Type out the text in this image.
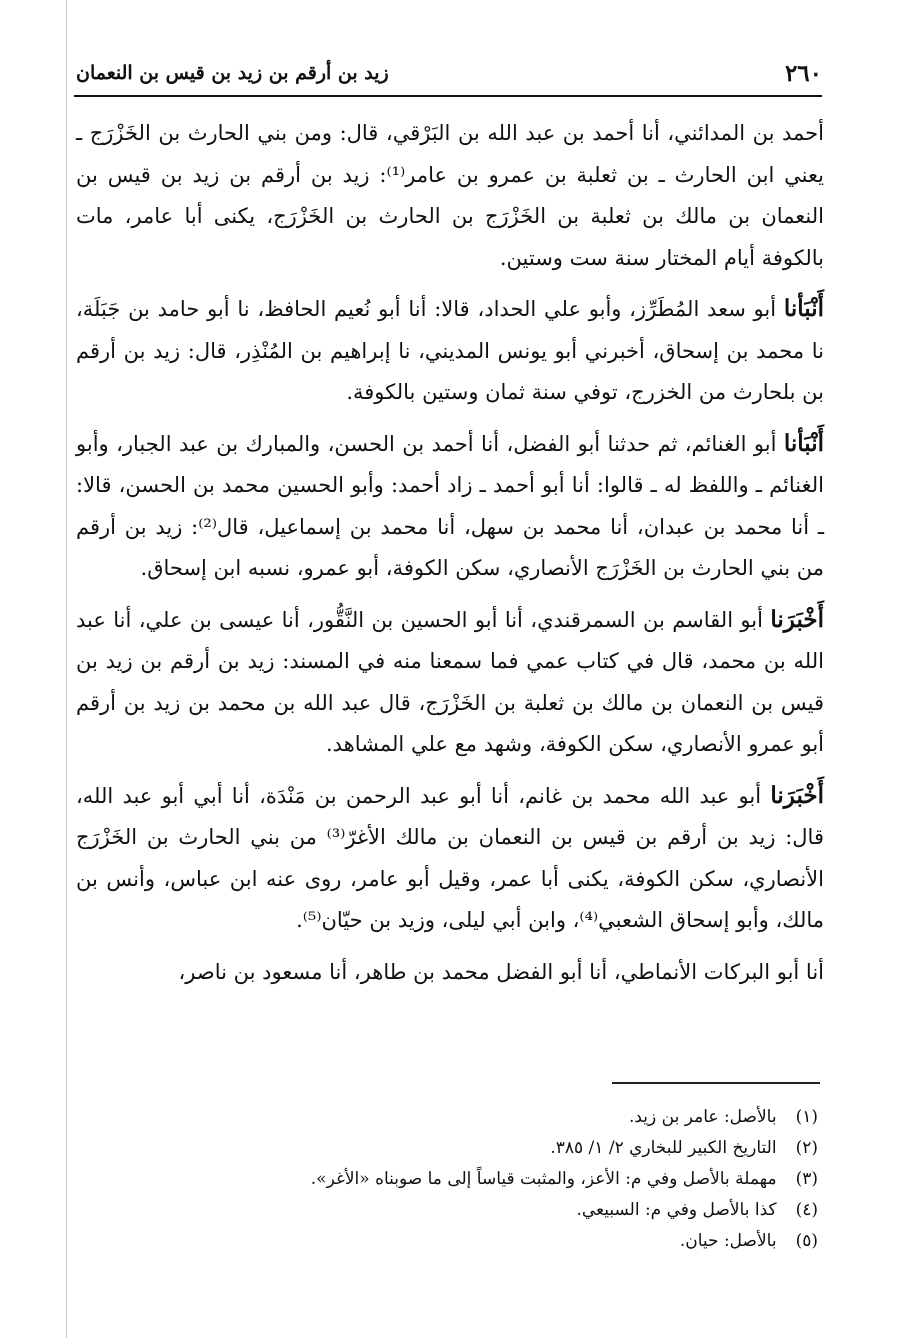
٢٦٠
زيد بن أرقم بن زيد بن قيس بن النعمان

أحمد بن المدائني، أنا أحمد بن عبد الله بن البَرْقي، قال: ومن بني الحارث بن الخَزْرَج ـ يعني ابن الحارث ـ بن ثعلبة بن عمرو بن عامر⁽¹⁾: زيد بن أرقم بن زيد بن قيس بن النعمان بن مالك بن ثعلبة بن الخَزْرَج بن الحارث بن الخَزْرَج، يكنى أبا عامر، مات بالكوفة أيام المختار سنة ست وستين.

أَنْبَأنا أبو سعد المُطَرِّز، وأبو علي الحداد، قالا: أنا أبو نُعيم الحافظ، نا أبو حامد بن جَبَلَة، نا محمد بن إسحاق، أخبرني أبو يونس المديني، نا إبراهيم بن المُنْذِر، قال: زيد بن أرقم بن بلحارث من الخزرج، توفي سنة ثمان وستين بالكوفة.

أَنْبَأنا أبو الغنائم، ثم حدثنا أبو الفضل، أنا أحمد بن الحسن، والمبارك بن عبد الجبار، وأبو الغنائم ـ واللفظ له ـ قالوا: أنا أبو أحمد ـ زاد أحمد: وأبو الحسين محمد بن الحسن، قالا: ـ أنا محمد بن عبدان، أنا محمد بن سهل، أنا محمد بن إسماعيل، قال⁽²⁾: زيد بن أرقم من بني الحارث بن الخَزْرَج الأنصاري، سكن الكوفة، أبو عمرو، نسبه ابن إسحاق.

أَخْبَرَنا أبو القاسم بن السمرقندي، أنا أبو الحسين بن النَّقُّور، أنا عيسى بن علي، أنا عبد الله بن محمد، قال في كتاب عمي فما سمعنا منه في المسند: زيد بن أرقم بن زيد بن قيس بن النعمان بن مالك بن ثعلبة بن الخَزْرَج، قال عبد الله بن محمد بن زيد بن أرقم أبو عمرو الأنصاري، سكن الكوفة، وشهد مع علي المشاهد.

أَخْبَرَنا أبو عبد الله محمد بن غانم، أنا أبو عبد الرحمن بن مَنْدَة، أنا أبي أبو عبد الله، قال: زيد بن أرقم بن قيس بن النعمان بن مالك الأغرّ⁽³⁾ من بني الحارث بن الخَزْرَج الأنصاري، سكن الكوفة، يكنى أبا عمر، وقيل أبو عامر، روى عنه ابن عباس، وأنس بن مالك، وأبو إسحاق الشعبي⁽⁴⁾، وابن أبي ليلى، وزيد بن حيّان⁽⁵⁾.

أنا أبو البركات الأنماطي، أنا أبو الفضل محمد بن طاهر، أنا مسعود بن ناصر،

(١) بالأصل: عامر بن زيد.
(٢) التاريخ الكبير للبخاري ٢/ ١/ ٣٨٥.
(٣) مهملة بالأصل وفي م: الأعز، والمثبت قياساً إلى ما صوبناه «الأغر».
(٤) كذا بالأصل وفي م: السبيعي.
(٥) بالأصل: حيان.
